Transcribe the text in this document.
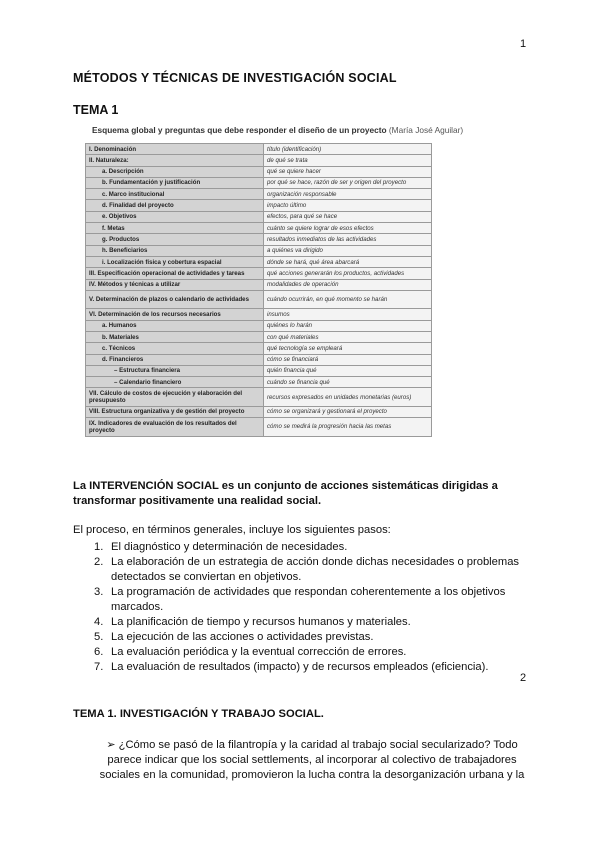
1
MÉTODOS Y TÉCNICAS DE INVESTIGACIÓN SOCIAL
TEMA 1
Esquema global y preguntas que debe responder el diseño de un proyecto (María José Aguilar)
I. Denominación	título (identificación)
II. Naturaleza:	de qué se trata
a. Descripción	qué se quiere hacer
b. Fundamentación y justificación	por qué se hace, razón de ser y origen del proyecto
c. Marco institucional	organización responsable
d. Finalidad del proyecto	impacto último
e. Objetivos	efectos, para qué se hace
f. Metas	cuánto se quiere lograr de esos efectos
g. Productos	resultados inmediatos de las actividades
h. Beneficiarios	a quiénes va dirigido
i. Localización física y cobertura espacial	dónde se hará, qué área abarcará
III. Especificación operacional de actividades y tareas	qué acciones generarán los productos, actividades
IV. Métodos y técnicas a utilizar	modalidades de operación
V. Determinación de plazos o calendario de actividades	cuándo ocurrirán, en qué momento se harán
VI. Determinación de los recursos necesarios	insumos
a. Humanos	quiénes lo harán
b. Materiales	con qué materiales
c. Técnicos	qué tecnología se empleará
d. Financieros	cómo se financiará
– Estructura financiera	quién financia qué
– Calendario financiero	cuándo se financia qué
VII. Cálculo de costos de ejecución y elaboración del presupuesto	recursos expresados en unidades monetarias (euros)
VIII. Estructura organizativa y de gestión del proyecto	cómo se organizará y gestionará el proyecto
IX. Indicadores de evaluación de los resultados del proyecto	cómo se medirá la progresión hacia las metas
La INTERVENCIÓN SOCIAL es un conjunto de acciones sistemáticas dirigidas a transformar positivamente una realidad social.
El proceso, en términos generales, incluye los siguientes pasos:
1. El diagnóstico y determinación de necesidades.
2. La elaboración de un estrategia de acción donde dichas necesidades o problemas detectados se conviertan en objetivos.
3. La programación de actividades que respondan coherentemente a los objetivos marcados.
4. La planificación de tiempo y recursos humanos y materiales.
5. La ejecución de las acciones o actividades previstas.
6. La evaluación periódica y la eventual corrección de errores.
7. La evaluación de resultados (impacto) y de recursos empleados (eficiencia).
2
TEMA 1. INVESTIGACIÓN Y TRABAJO SOCIAL.
➢ ¿Cómo se pasó de la filantropía y la caridad al trabajo social secularizado? Todo parece indicar que los social settlements, al incorporar al colectivo de trabajadores sociales en la comunidad, promovieron la lucha contra la desorganización urbana y la
